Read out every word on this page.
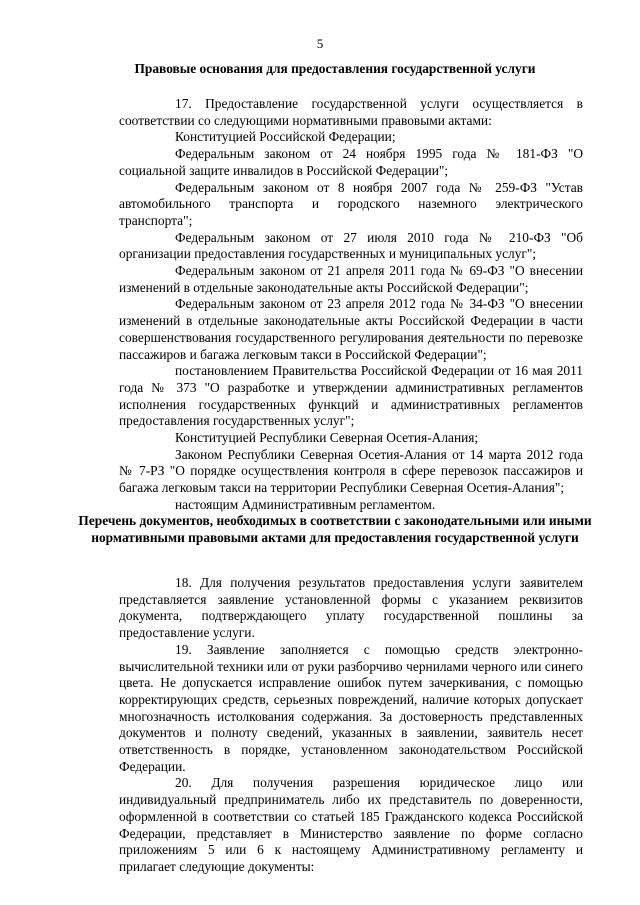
5
Правовые основания для предоставления государственной услуги

17. Предоставление государственной услуги осуществляется в соответствии со следующими нормативными правовыми актами:

Конституцией Российской Федерации;

Федеральным законом от 24 ноября 1995 года № 181-ФЗ "О социальной защите инвалидов в Российской Федерации";

Федеральным законом от 8 ноября 2007 года № 259-ФЗ "Устав автомобильного транспорта и городского наземного электрического транспорта";

Федеральным законом от 27 июля 2010 года № 210-ФЗ "Об организации предоставления государственных и муниципальных услуг";

Федеральным законом от 21 апреля 2011 года № 69-ФЗ "О внесении изменений в отдельные законодательные акты Российской Федерации";

Федеральным законом от 23 апреля 2012 года № 34-ФЗ "О внесении изменений в отдельные законодательные акты Российской Федерации в части совершенствования государственного регулирования деятельности по перевозке пассажиров и багажа легковым такси в Российской Федерации";

постановлением Правительства Российской Федерации от 16 мая 2011 года № 373 "О разработке и утверждении административных регламентов исполнения государственных функций и административных регламентов предоставления государственных услуг";

Конституцией Республики Северная Осетия-Алания;

Законом Республики Северная Осетия-Алания от 14 марта 2012 года № 7-РЗ "О порядке осуществления контроля в сфере перевозок пассажиров и багажа легковым такси на территории Республики Северная Осетия-Алания";

настоящим Административным регламентом.

Перечень документов, необходимых в соответствии с законодательными или иными нормативными правовыми актами для предоставления государственной услуги

18. Для получения результатов предоставления услуги заявителем представляется заявление установленной формы с указанием реквизитов документа, подтверждающего уплату государственной пошлины за предоставление услуги.

19. Заявление заполняется с помощью средств электронно-вычислительной техники или от руки разборчиво чернилами черного или синего цвета. Не допускается исправление ошибок путем зачеркивания, с помощью корректирующих средств, серьезных повреждений, наличие которых допускает многозначность истолкования содержания. За достоверность представленных документов и полноту сведений, указанных в заявлении, заявитель несет ответственность в порядке, установленном законодательством Российской Федерации.

20. Для получения разрешения юридическое лицо или индивидуальный предприниматель либо их представитель по доверенности, оформленной в соответствии со статьей 185 Гражданского кодекса Российской Федерации, представляет в Министерство заявление по форме согласно приложениям 5 или 6 к настоящему Административному регламенту и прилагает следующие документы:
